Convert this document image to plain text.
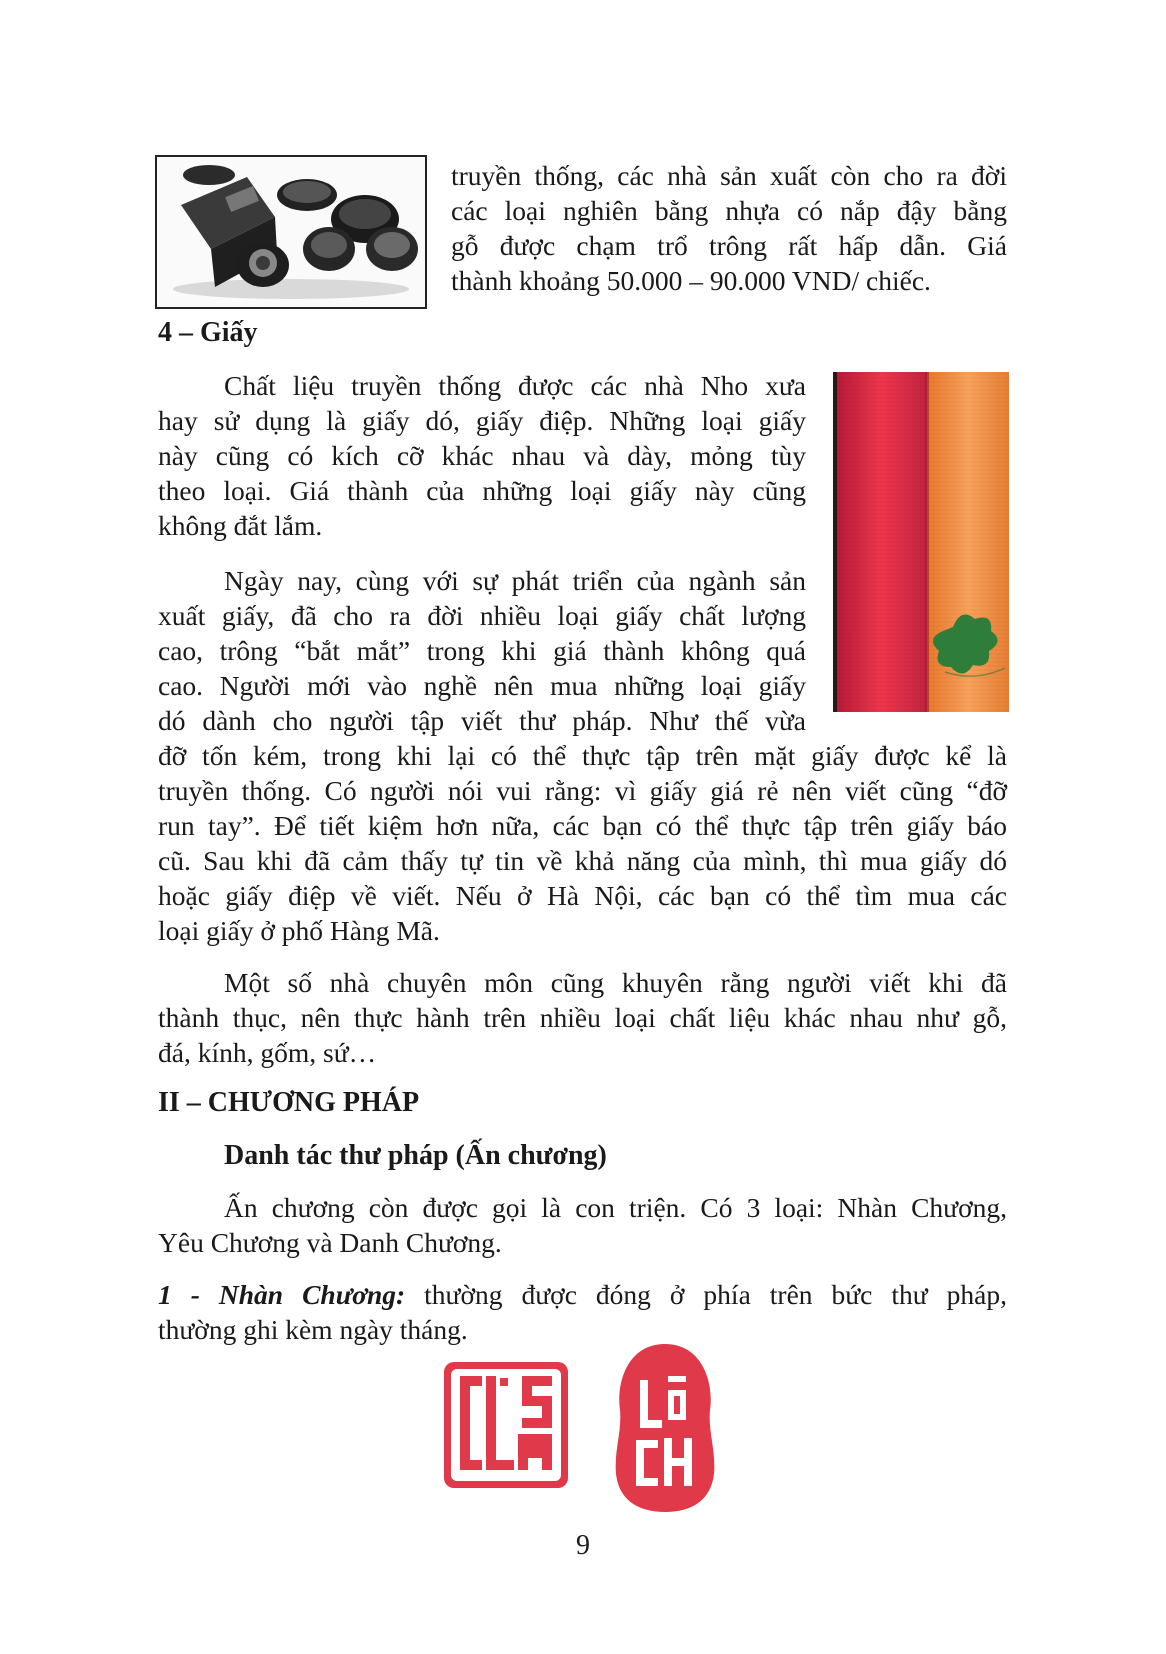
truyền thống, các nhà sản xuất còn cho ra đời
các loại nghiên bằng nhựa có nắp đậy bằng
gỗ được chạm trổ trông rất hấp dẫn. Giá
thành khoảng 50.000 – 90.000 VND/ chiếc.
4 – Giấy
Chất liệu truyền thống được các nhà Nho xưa
hay sử dụng là giấy dó, giấy điệp. Những loại giấy
này cũng có kích cỡ khác nhau và dày, mỏng tùy
theo loại. Giá thành của những loại giấy này cũng
không đắt lắm.
Ngày nay, cùng với sự phát triển của ngành sản
xuất giấy, đã cho ra đời nhiều loại giấy chất lượng
cao, trông “bắt mắt” trong khi giá thành không quá
cao. Người mới vào nghề nên mua những loại giấy
dó dành cho người tập viết thư pháp. Như thế vừa
đỡ tốn kém, trong khi lại có thể thực tập trên mặt giấy được kể là
truyền thống. Có người nói vui rằng: vì giấy giá rẻ nên viết cũng “đỡ
run tay”. Để tiết kiệm hơn nữa, các bạn có thể thực tập trên giấy báo
cũ. Sau khi đã cảm thấy tự tin về khả năng của mình, thì mua giấy dó
hoặc giấy điệp về viết. Nếu ở Hà Nội, các bạn có thể tìm mua các
loại giấy ở phố Hàng Mã.
Một số nhà chuyên môn cũng khuyên rằng người viết khi đã
thành thục, nên thực hành trên nhiều loại chất liệu khác nhau như gỗ,
đá, kính, gốm, sứ…
II – CHƯƠNG PHÁP
Danh tác thư pháp (Ấn chương)
Ấn chương còn được gọi là con triện. Có 3 loại: Nhàn Chương,
Yêu Chương và Danh Chương.
1 - Nhàn Chương: thường được đóng ở phía trên bức thư pháp,
thường ghi kèm ngày tháng.
9
